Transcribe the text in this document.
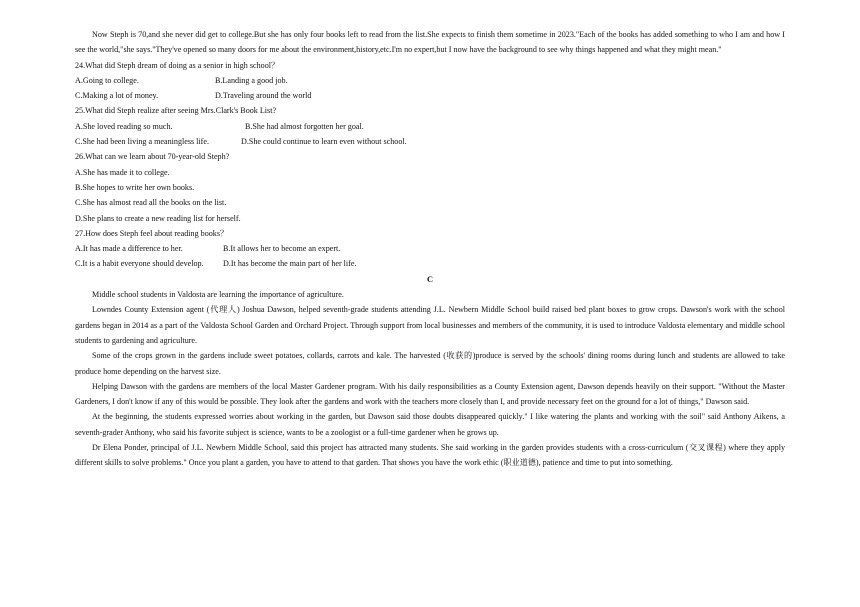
Now Steph is 70,and she never did get to college.But she has only four books left to read from the list.She expects to finish them sometime in 2023."Each of the books has added something to who I am and how I see the world,"she says."They've opened so many doors for me about the environment,history,etc.I'm no expert,but I now have the background to see why things happened and what they might mean."

24.What did Steph dream of doing as a senior in high school？

A.Going to college.	B.Landing a good job.
C.Making a lot of money.	D.Traveling around the world

25.What did Steph realize after seeing Mrs.Clark's Book List?

A.She loved reading so much.	B.She had almost forgotten her goal.
C.She had been living a meaningless life.	D.She could continue to learn even without school.

26.What can we learn about 70-year-old Steph?

A.She has made it to college.

B.She hopes to write her own books.

C.She has almost read all the books on the list.

D.She plans to create a new reading list for herself.

27.How does Steph feel about reading books？

A.It has made a difference to her.	B.It allows her to become an expert.
C.It is a habit everyone should develop.	D.It has become the main part of her life.

C

Middle school students in Valdosta are learning the importance of agriculture.

Lowndes County Extension agent (代理人) Joshua Dawson, helped seventh-grade students attending J.L. Newbern Middle School build raised bed plant boxes to grow crops. Dawson's work with the school gardens began in 2014 as a part of the Valdosta School Garden and Orchard Project. Through support from local businesses and members of the community, it is used to introduce Valdosta elementary and middle school students to gardening and agriculture.

Some of the crops grown in the gardens include sweet potatoes, collards, carrots and kale. The harvested (收获的)produce is served by the schools' dining rooms during lunch and students are allowed to take produce home depending on the harvest size.

Helping Dawson with the gardens are members of the local Master Gardener program. With his daily responsibilities as a County Extension agent, Dawson depends heavily on their support. "Without the Master Gardeners, I don't know if any of this would be possible. They look after the gardens and work with the teachers more closely than I, and provide necessary feet on the ground for a lot of things," Dawson said.

At the beginning, the students expressed worries about working in the garden, but Dawson said those doubts disappeared quickly." I like watering the plants and working with the soil" said Anthony Aikens, a seventh-grader Anthony, who said his favorite subject is science, wants to be a zoologist or a full-time gardener when he grows up.

Dr Elena Ponder, principal of J.L. Newbern Middle School, said this project has attracted many students. She said working in the garden provides students with a cross-curriculum (交叉课程) where they apply different skills to solve problems." Once you plant a garden, you have to attend to that garden. That shows you have the work ethic (职业道德), patience and time to put into something.
